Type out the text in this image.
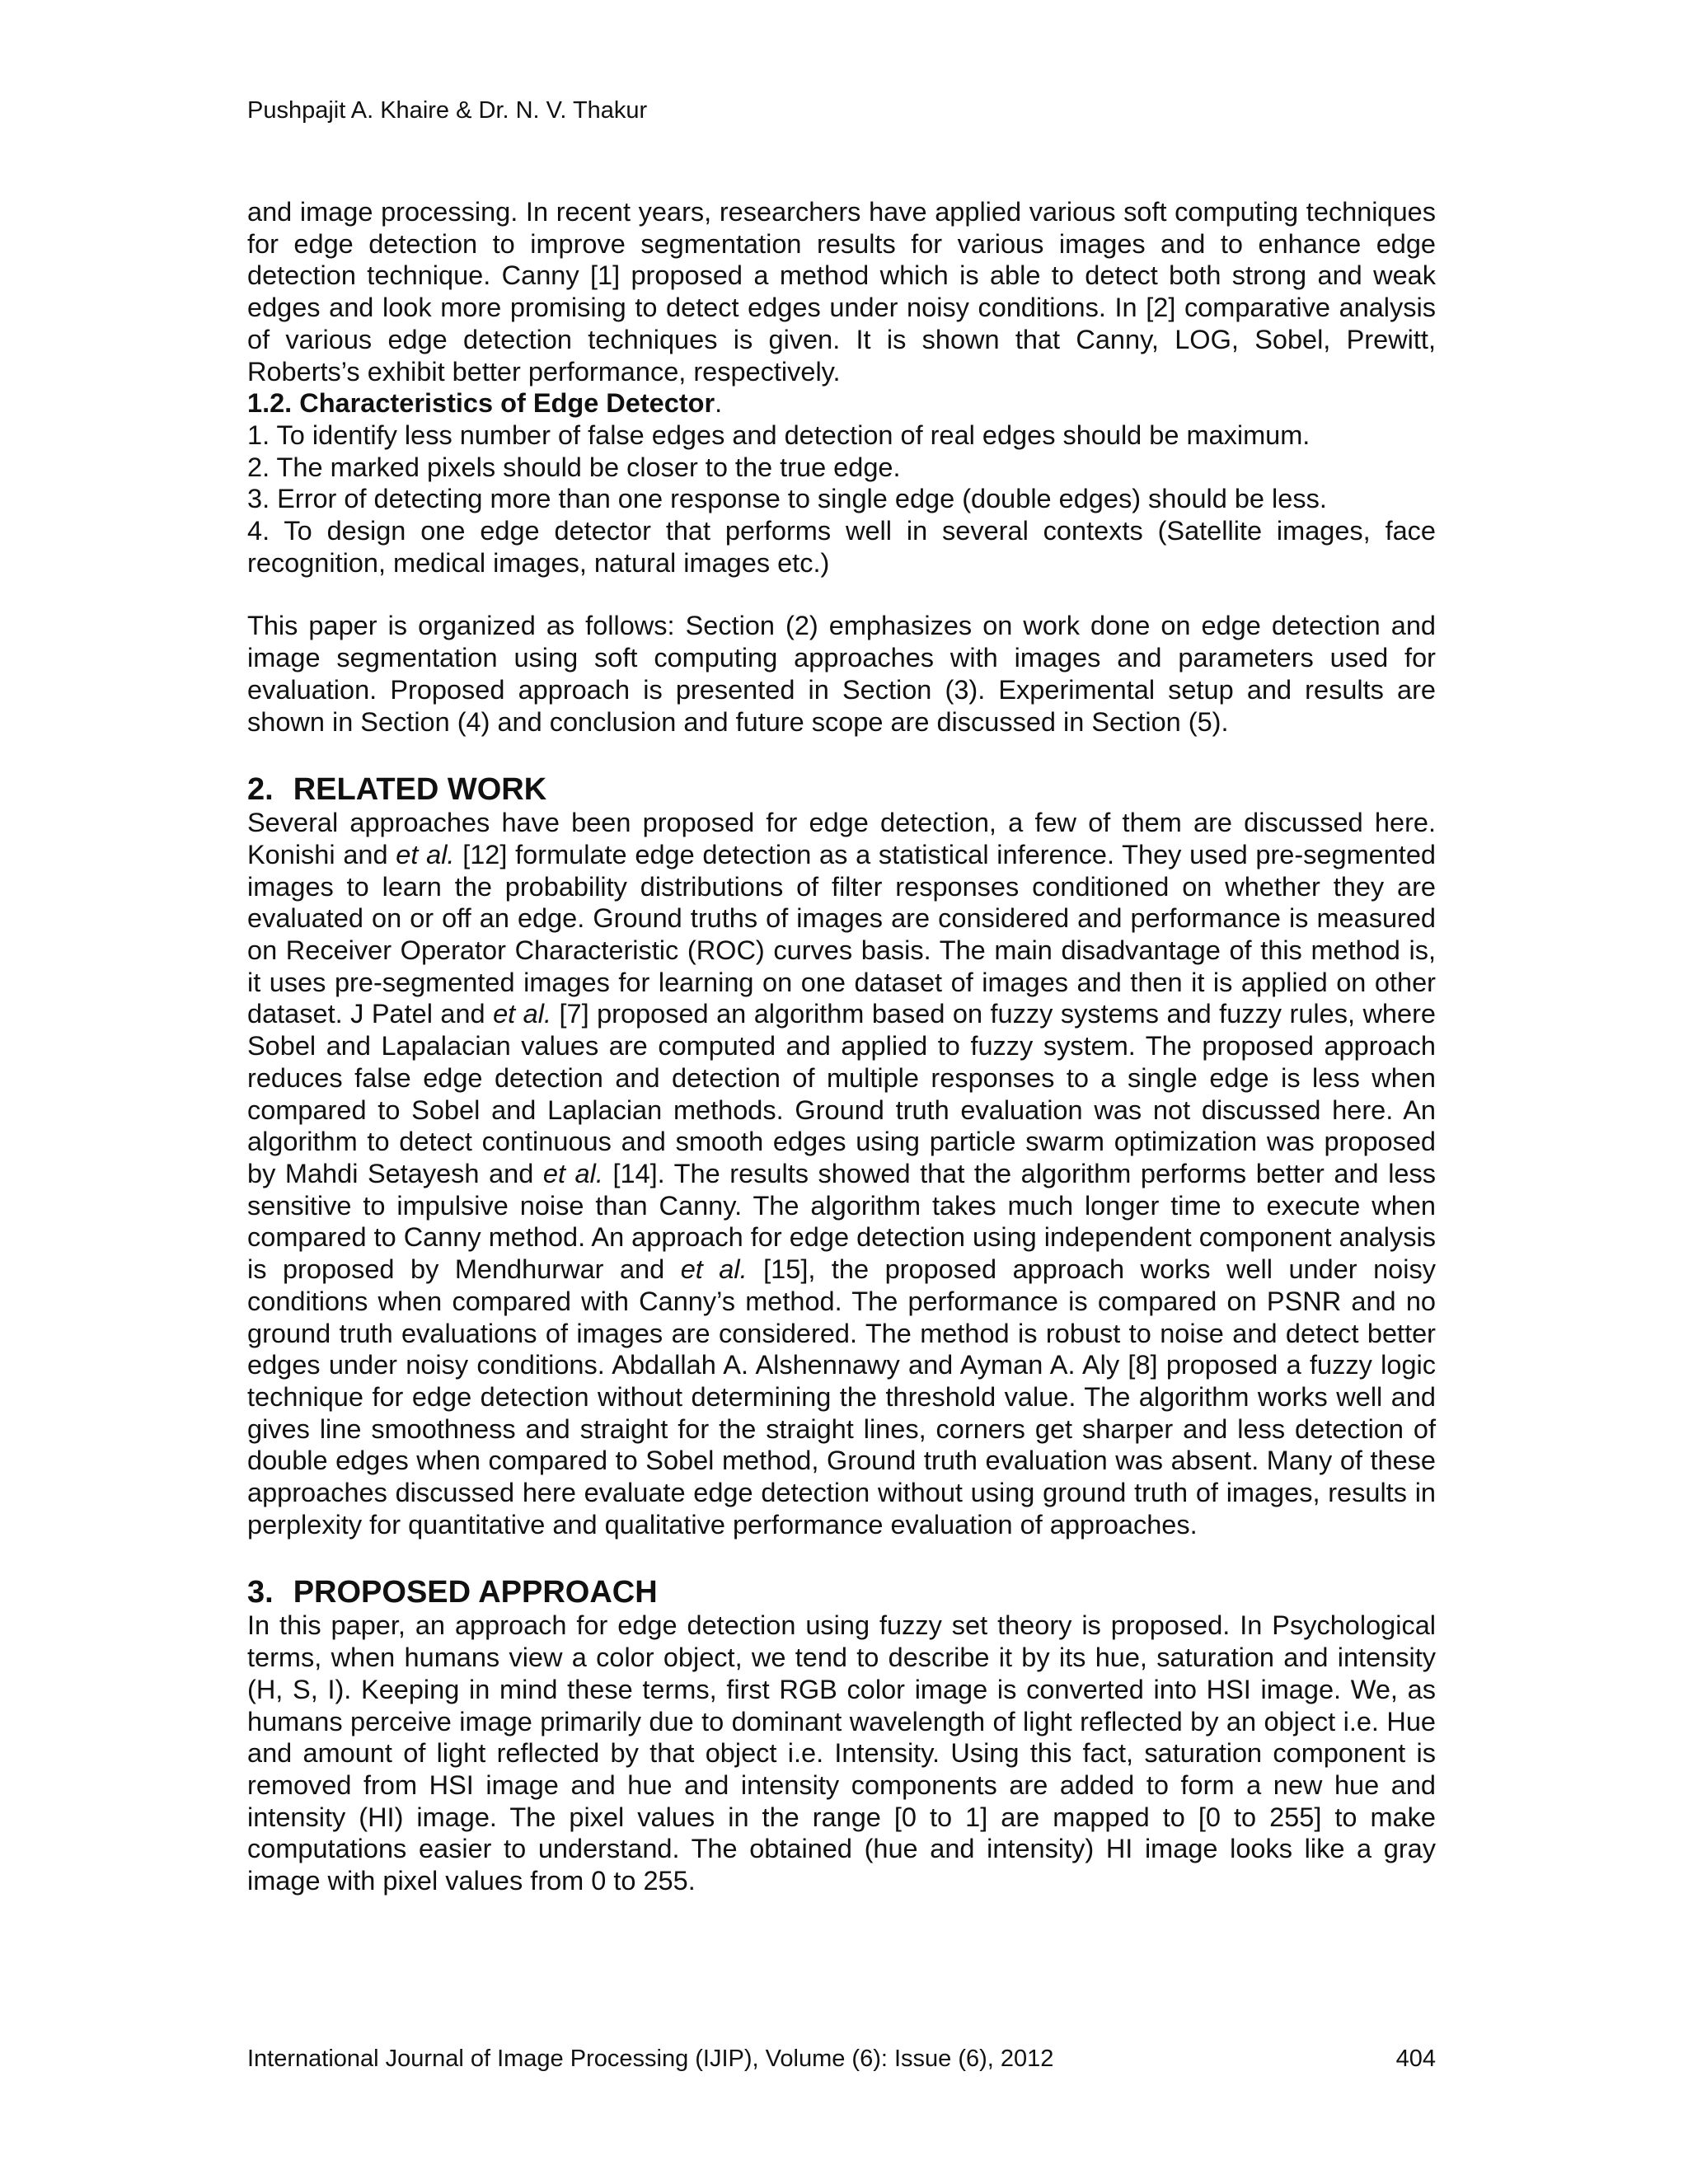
Pushpajit A. Khaire & Dr. N. V. Thakur

and image processing. In recent years, researchers have applied various soft computing techniques for edge detection to improve segmentation results for various images and to enhance edge detection technique. Canny [1] proposed a method which is able to detect both strong and weak edges and look more promising to detect edges under noisy conditions. In [2] comparative analysis of various edge detection techniques is given. It is shown that Canny, LOG, Sobel, Prewitt, Roberts’s exhibit better performance, respectively.

1.2. Characteristics of Edge Detector.

1. To identify less number of false edges and detection of real edges should be maximum.

2. The marked pixels should be closer to the true edge.

3. Error of detecting more than one response to single edge (double edges) should be less.

4. To design one edge detector that performs well in several contexts (Satellite images, face recognition, medical images, natural images etc.)

This paper is organized as follows: Section (2) emphasizes on work done on edge detection and image segmentation using soft computing approaches with images and parameters used for evaluation. Proposed approach is presented in Section (3). Experimental setup and results are shown in Section (4) and conclusion and future scope are discussed in Section (5).

2. RELATED WORK

Several approaches have been proposed for edge detection, a few of them are discussed here. Konishi and et al. [12] formulate edge detection as a statistical inference. They used pre-segmented images to learn the probability distributions of filter responses conditioned on whether they are evaluated on or off an edge. Ground truths of images are considered and performance is measured on Receiver Operator Characteristic (ROC) curves basis. The main disadvantage of this method is, it uses pre-segmented images for learning on one dataset of images and then it is applied on other dataset. J Patel and et al. [7] proposed an algorithm based on fuzzy systems and fuzzy rules, where Sobel and Lapalacian values are computed and applied to fuzzy system. The proposed approach reduces false edge detection and detection of multiple responses to a single edge is less when compared to Sobel and Laplacian methods. Ground truth evaluation was not discussed here. An algorithm to detect continuous and smooth edges using particle swarm optimization was proposed by Mahdi Setayesh and et al. [14]. The results showed that the algorithm performs better and less sensitive to impulsive noise than Canny. The algorithm takes much longer time to execute when compared to Canny method. An approach for edge detection using independent component analysis is proposed by Mendhurwar and et al. [15], the proposed approach works well under noisy conditions when compared with Canny’s method. The performance is compared on PSNR and no ground truth evaluations of images are considered. The method is robust to noise and detect better edges under noisy conditions. Abdallah A. Alshennawy and Ayman A. Aly [8] proposed a fuzzy logic technique for edge detection without determining the threshold value. The algorithm works well and gives line smoothness and straight for the straight lines, corners get sharper and less detection of double edges when compared to Sobel method, Ground truth evaluation was absent. Many of these approaches discussed here evaluate edge detection without using ground truth of images, results in perplexity for quantitative and qualitative performance evaluation of approaches.

3. PROPOSED APPROACH

In this paper, an approach for edge detection using fuzzy set theory is proposed. In Psychological terms, when humans view a color object, we tend to describe it by its hue, saturation and intensity (H, S, I). Keeping in mind these terms, first RGB color image is converted into HSI image. We, as humans perceive image primarily due to dominant wavelength of light reflected by an object i.e. Hue and amount of light reflected by that object i.e. Intensity. Using this fact, saturation component is removed from HSI image and hue and intensity components are added to form a new hue and intensity (HI) image. The pixel values in the range [0 to 1] are mapped to [0 to 255] to make computations easier to understand. The obtained (hue and intensity) HI image looks like a gray image with pixel values from 0 to 255.

International Journal of Image Processing (IJIP), Volume (6): Issue (6), 2012	404
